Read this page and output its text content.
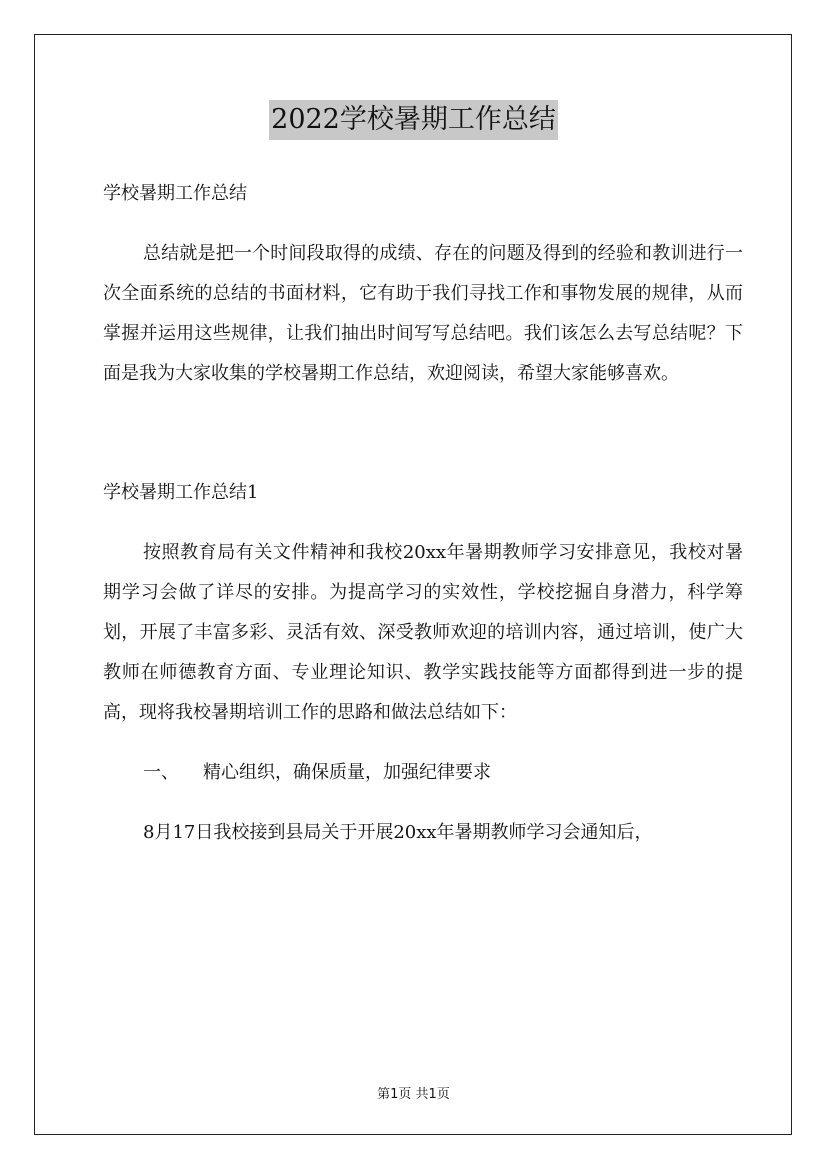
2022学校暑期工作总结

学校暑期工作总结

总结就是把一个时间段取得的成绩、存在的问题及得到的经验和教训进行一次全面系统的总结的书面材料，它有助于我们寻找工作和事物发展的规律，从而掌握并运用这些规律，让我们抽出时间写写总结吧。我们该怎么去写总结呢？下面是我为大家收集的学校暑期工作总结，欢迎阅读，希望大家能够喜欢。

学校暑期工作总结1

按照教育局有关文件精神和我校20xx年暑期教师学习安排意见，我校对暑期学习会做了详尽的安排。为提高学习的实效性，学校挖掘自身潜力，科学筹划，开展了丰富多彩、灵活有效、深受教师欢迎的培训内容，通过培训，使广大教师在师德教育方面、专业理论知识、教学实践技能等方面都得到进一步的提高，现将我校暑期培训工作的思路和做法总结如下：

一、 精心组织，确保质量，加强纪律要求

8月17日我校接到县局关于开展20xx年暑期教师学习会通知后，

第1页 共1页
